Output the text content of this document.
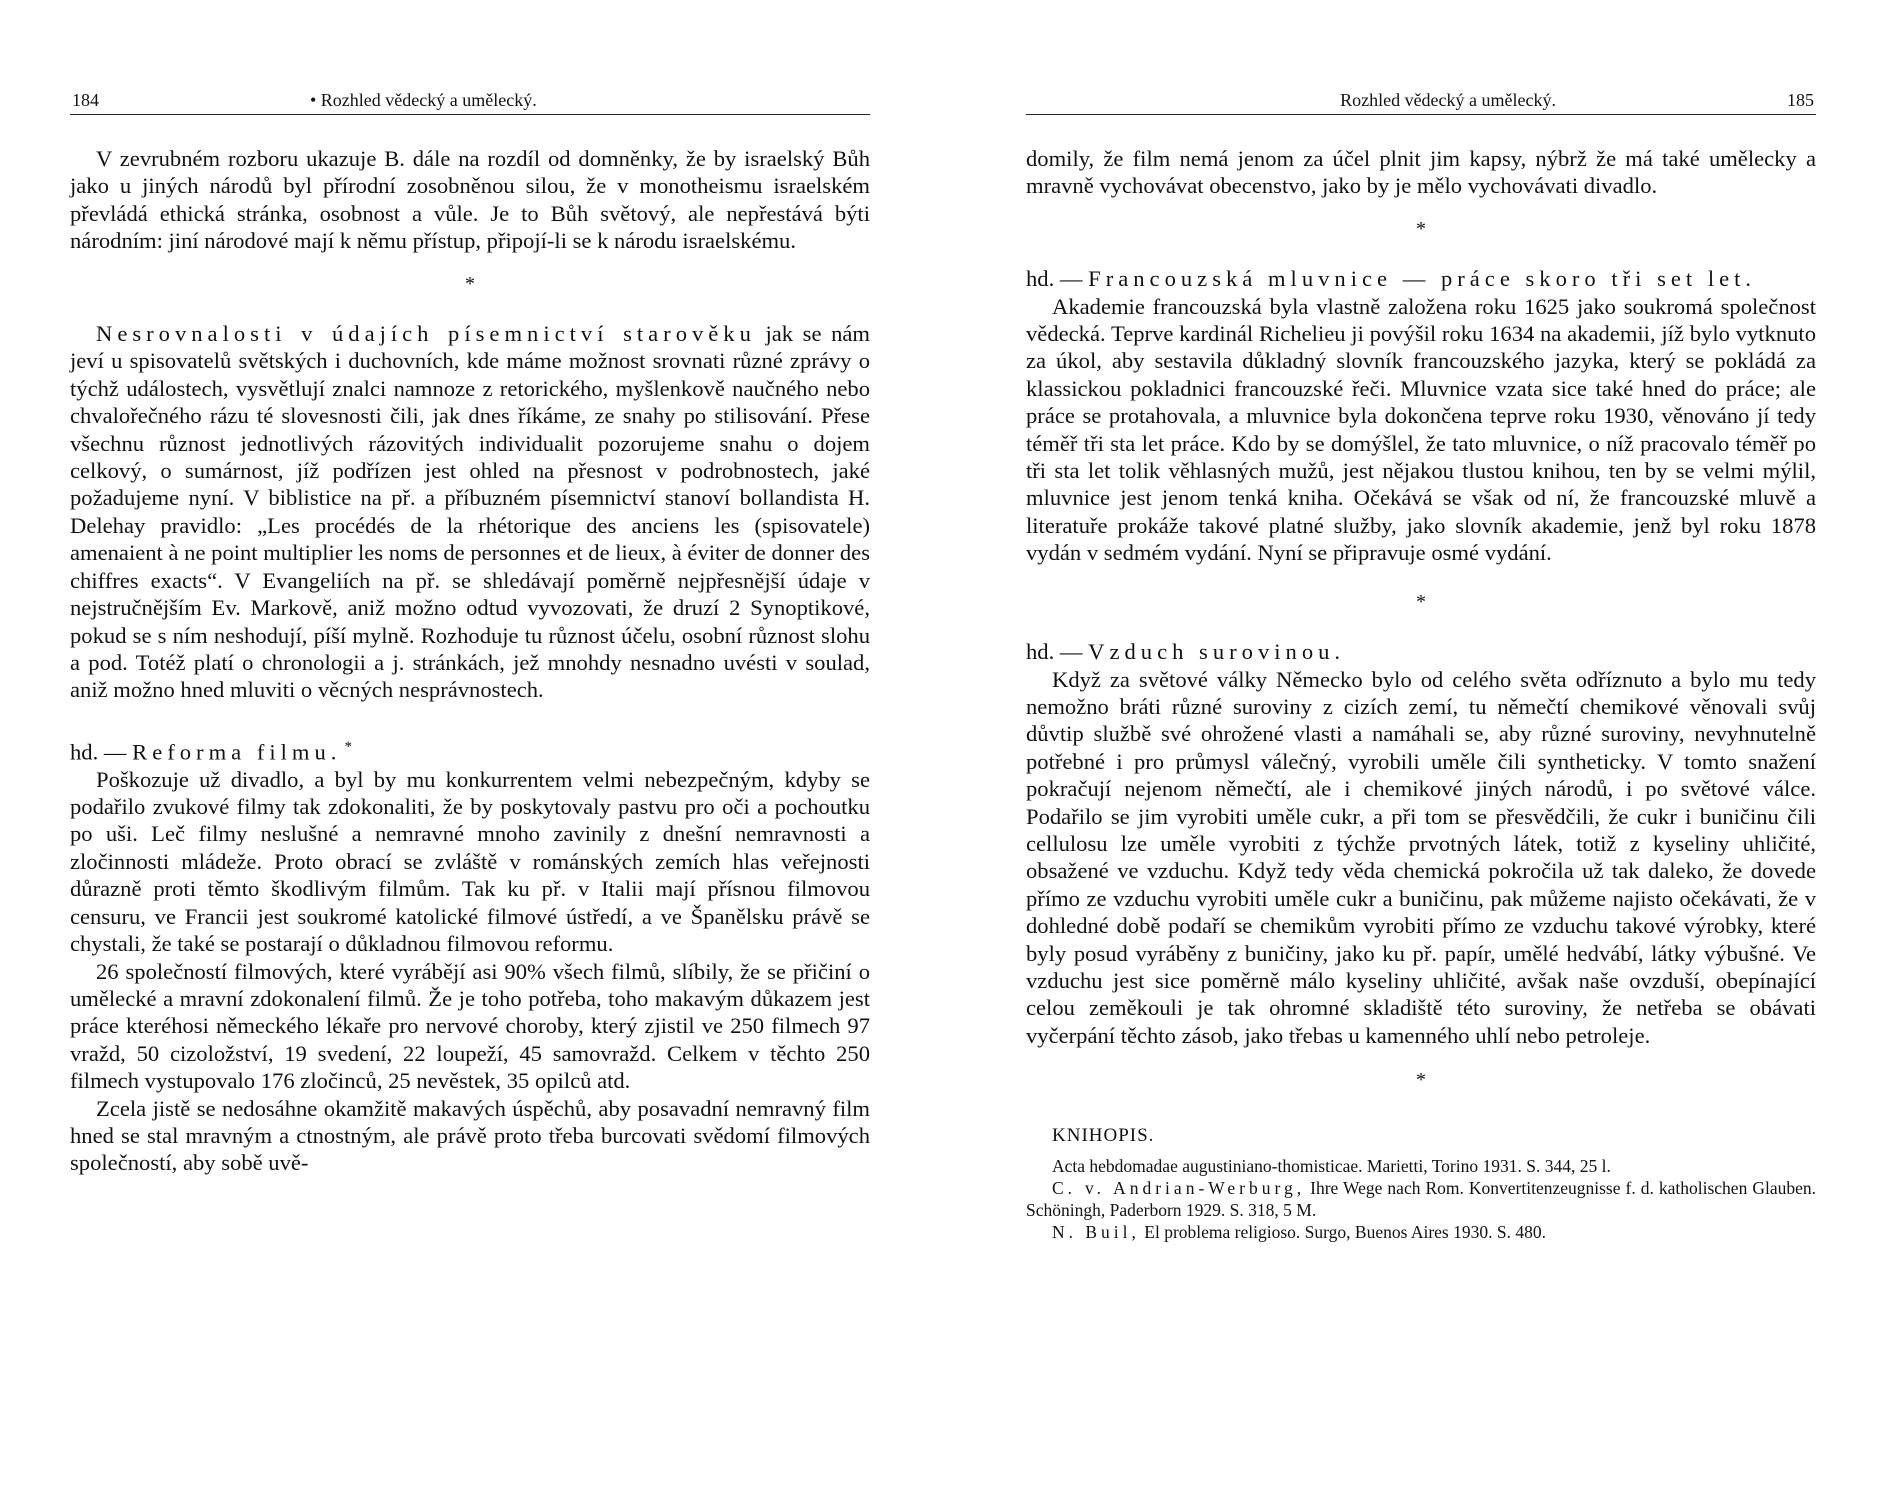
184	• Rozhled vědecký a umělecký.

V zevrubném rozboru ukazuje B. dále na rozdíl od domněnky, že by israelský Bůh jako u jiných národů byl přírodní zosobněnou silou, že v monotheismu israelském převládá ethická stránka, osobnost a vůle. Je to Bůh světový, ale nepřestává býti národním: jiní národové mají k němu přístup, připojí-li se k národu israelskému.

*

Nesrovnalosti v údajích písemnictví starověku jak se nám jeví u spisovatelů světských i duchovních, kde máme možnost srovnati různé zprávy o týchž událostech, vysvětlují znalci namnoze z retorického, myšlenkově naučného nebo chvalořečného rázu té slovesnosti čili, jak dnes říkáme, ze snahy po stilisování. Přese všechnu různost jednotlivých rázovitých individualit pozorujeme snahu o dojem celkový, o sumárnost, jíž podřízen jest ohled na přesnost v podrobnostech, jaké požadujeme nyní. V biblistice na př. a příbuzném písemnictví stanoví bollandista H. Delehay pravidlo: „Les procédés de la rhétorique des anciens les (spisovatele) amenaient à ne point multiplier les noms de personnes et de lieux, à éviter de donner des chiffres exacts“. V Evangeliích na př. se shledávají poměrně nejpřesnější údaje v nejstručnějším Ev. Markově, aniž možno odtud vyvozovati, že druzí 2 Synoptikové, pokud se s ním neshodují, píší mylně. Rozhoduje tu různost účelu, osobní různost slohu a pod. Totéž platí o chronologii a j. stránkách, jež mnohdy nesnadno uvésti v soulad, aniž možno hned mluviti o věcných nesprávnostech.

hd. — Reforma filmu. *

Poškozuje už divadlo, a byl by mu konkurrentem velmi nebezpečným, kdyby se podařilo zvukové filmy tak zdokonaliti, že by poskytovaly pastvu pro oči a pochoutku po uši. Leč filmy neslušné a nemravné mnoho zavinily z dnešní nemravnosti a zločinnosti mládeže. Proto obrací se zvláště v románských zemích hlas veřejnosti důrazně proti těmto škodlivým filmům. Tak ku př. v Italii mají přísnou filmovou censuru, ve Francii jest soukromé katolické filmové ústředí, a ve Španělsku právě se chystali, že také se postarají o důkladnou filmovou reformu.

26 společností filmových, které vyrábějí asi 90% všech filmů, slíbily, že se přičiní o umělecké a mravní zdokonalení filmů. Že je toho potřeba, toho makavým důkazem jest práce kteréhosi německého lékaře pro nervové choroby, který zjistil ve 250 filmech 97 vražd, 50 cizoložství, 19 svedení, 22 loupeží, 45 samovražd. Celkem v těchto 250 filmech vystupovalo 176 zločinců, 25 nevěstek, 35 opilců atd.

Zcela jistě se nedosáhne okamžitě makavých úspěchů, aby posavadní nemravný film hned se stal mravným a ctnostným, ale právě proto třeba burcovati svědomí filmových společností, aby sobě uvě-

Rozhled vědecký a umělecký.	185

domily, že film nemá jenom za účel plnit jim kapsy, nýbrž že má také umělecky a mravně vychovávat obecenstvo, jako by je mělo vychovávati divadlo.

*

hd. — Francouzská mluvnice — práce skoro tři set let.

Akademie francouzská byla vlastně založena roku 1625 jako soukromá společnost vědecká. Teprve kardinál Richelieu ji povýšil roku 1634 na akademii, jíž bylo vytknuto za úkol, aby sestavila důkladný slovník francouzského jazyka, který se pokládá za klassickou pokladnici francouzské řeči. Mluvnice vzata sice také hned do práce; ale práce se protahovala, a mluvnice byla dokončena teprve roku 1930, věnováno jí tedy téměř tři sta let práce. Kdo by se domýšlel, že tato mluvnice, o níž pracovalo téměř po tři sta let tolik věhlasných mužů, jest nějakou tlustou knihou, ten by se velmi mýlil, mluvnice jest jenom tenká kniha. Očekává se však od ní, že francouzské mluvě a literatuře prokáže takové platné služby, jako slovník akademie, jenž byl roku 1878 vydán v sedmém vydání. Nyní se připravuje osmé vydání.

*

hd. — Vzduch surovinou.

Když za světové války Německo bylo od celého světa odříznuto a bylo mu tedy nemožno bráti různé suroviny z cizích zemí, tu němečtí chemikové věnovali svůj důvtip službě své ohrožené vlasti a namáhali se, aby různé suroviny, nevyhnutelně potřebné i pro průmysl válečný, vyrobili uměle čili syntheticky. V tomto snažení pokračují nejenom němečtí, ale i chemikové jiných národů, i po světové válce. Podařilo se jim vyrobiti uměle cukr, a při tom se přesvědčili, že cukr i buničinu čili cellulosu lze uměle vyrobiti z týchže prvotných látek, totiž z kyseliny uhličité, obsažené ve vzduchu. Když tedy věda chemická pokročila už tak daleko, že dovede přímo ze vzduchu vyrobiti uměle cukr a buničinu, pak můžeme najisto očekávati, že v dohledné době podaří se chemikům vyrobiti přímo ze vzduchu takové výrobky, které byly posud vyráběny z buničiny, jako ku př. papír, umělé hedvábí, látky výbušné. Ve vzduchu jest sice poměrně málo kyseliny uhličité, avšak naše ovzduší, obepínající celou zeměkouli je tak ohromné skladiště této suroviny, že netřeba se obávati vyčerpání těchto zásob, jako třebas u kamenného uhlí nebo petroleje.

*
KNIHOPIS.

Acta hebdomadae augustiniano-thomisticae. Marietti, Torino 1931. S. 344, 25 l.

C. v. Andrian-Werburg, Ihre Wege nach Rom. Konvertitenzeugnisse f. d. katholischen Glauben. Schöningh, Paderborn 1929. S. 318, 5 M.

N. Buil, El problema religioso. Surgo, Buenos Aires 1930. S. 480.
